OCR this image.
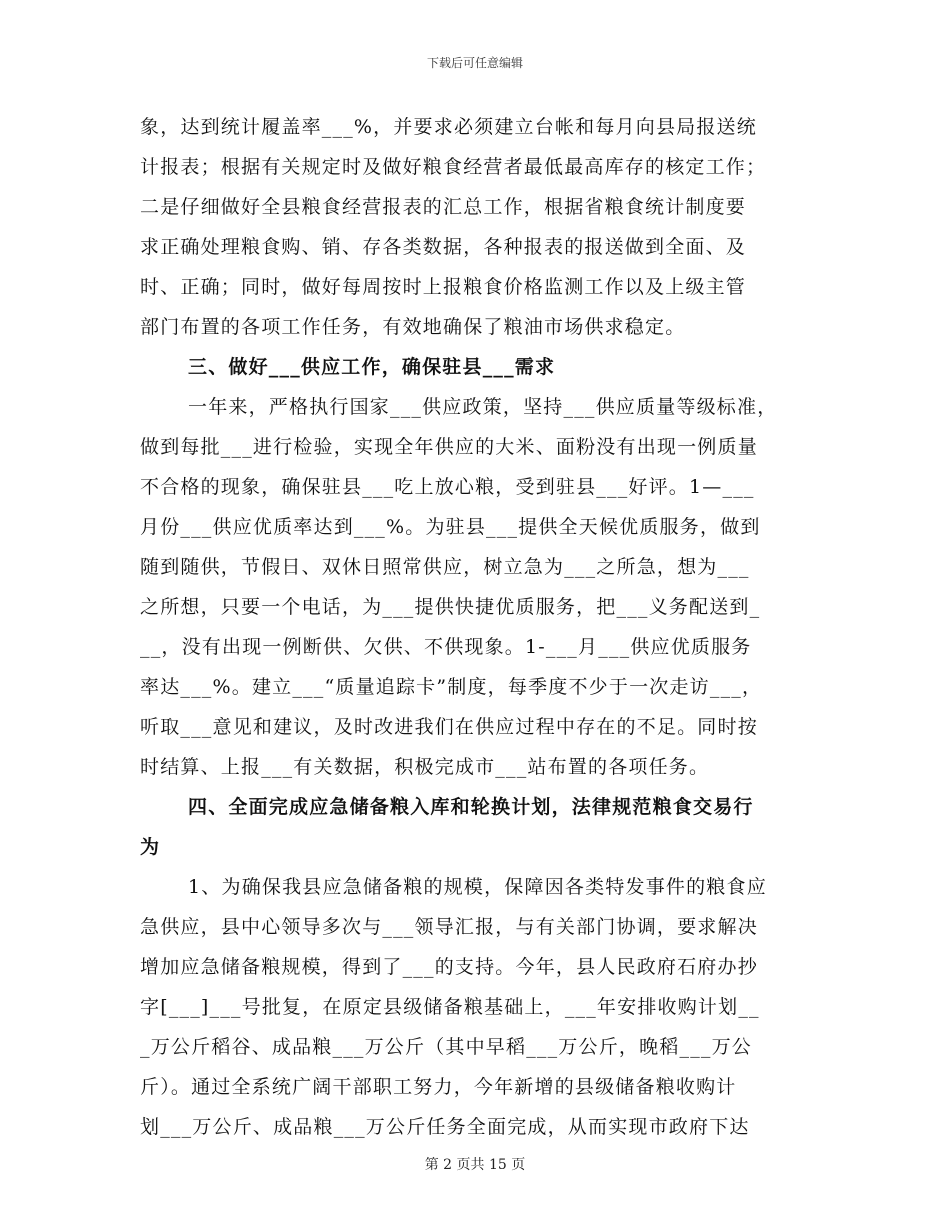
下载后可任意编辑
象，达到统计履盖率___%，并要求必须建立台帐和每月向县局报送统
计报表；根据有关规定时及做好粮食经营者最低最高库存的核定工作；
二是仔细做好全县粮食经营报表的汇总工作，根据省粮食统计制度要
求正确处理粮食购、销、存各类数据，各种报表的报送做到全面、及
时、正确；同时，做好每周按时上报粮食价格监测工作以及上级主管
部门布置的各项工作任务，有效地确保了粮油市场供求稳定。
三、做好___供应工作，确保驻县___需求
一年来，严格执行国家___供应政策，坚持___供应质量等级标准，
做到每批___进行检验，实现全年供应的大米、面粉没有出现一例质量
不合格的现象，确保驻县___吃上放心粮，受到驻县___好评。1—___
月份___供应优质率达到___%。为驻县___提供全天候优质服务，做到
随到随供，节假日、双休日照常供应，树立急为___之所急，想为___
之所想，只要一个电话，为___提供快捷优质服务，把___义务配送到_
__，没有出现一例断供、欠供、不供现象。1-___月___供应优质服务
率达___%。建立___“质量追踪卡”制度，每季度不少于一次走访___，
听取___意见和建议，及时改进我们在供应过程中存在的不足。同时按
时结算、上报___有关数据，积极完成市___站布置的各项任务。
四、全面完成应急储备粮入库和轮换计划，法律规范粮食交易行
为
1、为确保我县应急储备粮的规模，保障因各类特发事件的粮食应
急供应，县中心领导多次与___领导汇报，与有关部门协调，要求解决
增加应急储备粮规模，得到了___的支持。今年，县人民政府石府办抄
字[___]___号批复，在原定县级储备粮基础上，___年安排收购计划__
_万公斤稻谷、成品粮___万公斤（其中早稻___万公斤，晚稻___万公
斤）。通过全系统广阔干部职工努力，今年新增的县级储备粮收购计
划___万公斤、成品粮___万公斤任务全面完成，从而实现市政府下达
第 2 页共 15 页
